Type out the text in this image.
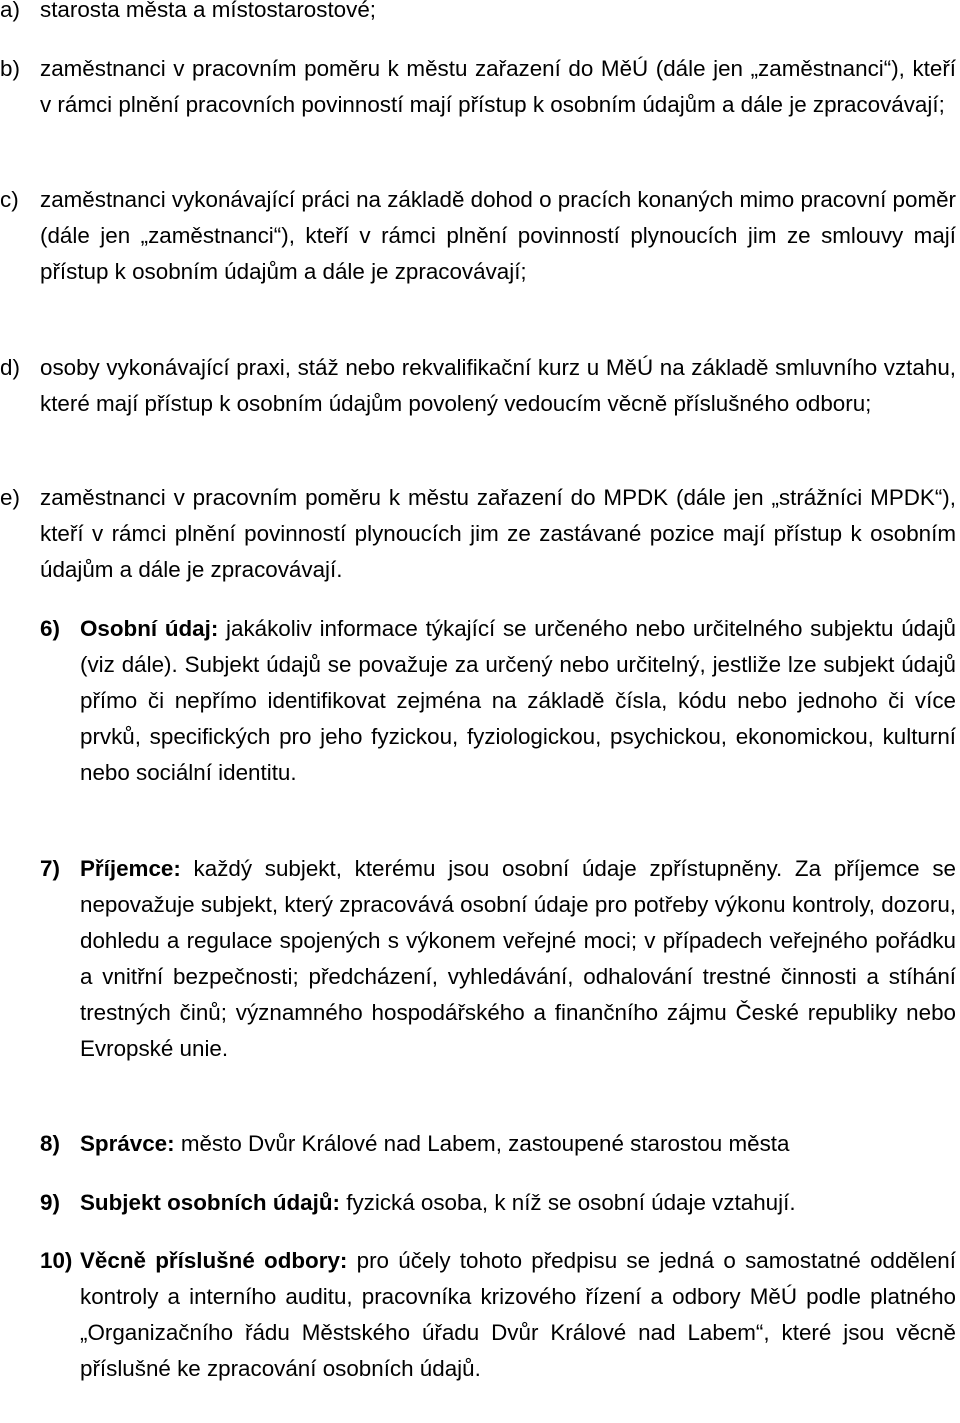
a) starosta města a místostarostové;
b) zaměstnanci v pracovním poměru k městu zařazení do MěÚ (dále jen „zaměstnanci“), kteří v rámci plnění pracovních povinností mají přístup k osobním údajům a dále je zpracovávají;
c) zaměstnanci vykonávající práci na základě dohod o pracích konaných mimo pracovní poměr (dále jen „zaměstnanci“), kteří v rámci plnění povinností plynoucích jim ze smlouvy mají přístup k osobním údajům a dále je zpracovávají;
d) osoby vykonávající praxi, stáž nebo rekvalifikační kurz u MěÚ na základě smluvního vztahu, které mají přístup k osobním údajům povolený vedoucím věcně příslušného odboru;
e) zaměstnanci v pracovním poměru k městu zařazení do MPDK (dále jen „strážníci MPDK“), kteří v rámci plnění povinností plynoucích jim ze zastávané pozice mají přístup k osobním údajům a dále je zpracovávají.
6) Osobní údaj: jakákoliv informace týkající se určeného nebo určitelného subjektu údajů (viz dále). Subjekt údajů se považuje za určený nebo určitelný, jestliže lze subjekt údajů přímo či nepřímo identifikovat zejména na základě čísla, kódu nebo jednoho či více prvků, specifických pro jeho fyzickou, fyziologickou, psychickou, ekonomickou, kulturní nebo sociální identitu.
7) Příjemce: každý subjekt, kterému jsou osobní údaje zpřístupněny. Za příjemce se nepovažuje subjekt, který zpracovává osobní údaje pro potřeby výkonu kontroly, dozoru, dohledu a regulace spojených s výkonem veřejné moci; v případech veřejného pořádku a vnitřní bezpečnosti; předcházení, vyhledávání, odhalování trestné činnosti a stíhání trestných činů; významného hospodářského a finančního zájmu České republiky nebo Evropské unie.
8) Správce: město Dvůr Králové nad Labem, zastoupené starostou města
9) Subjekt osobních údajů: fyzická osoba, k níž se osobní údaje vztahují.
10) Věcně příslušné odbory: pro účely tohoto předpisu se jedná o samostatné oddělení kontroly a interního auditu, pracovníka krizového řízení a odbory MěÚ podle platného „Organizačního řádu Městského úřadu Dvůr Králové nad Labem“, které jsou věcně příslušné ke zpracování osobních údajů.
